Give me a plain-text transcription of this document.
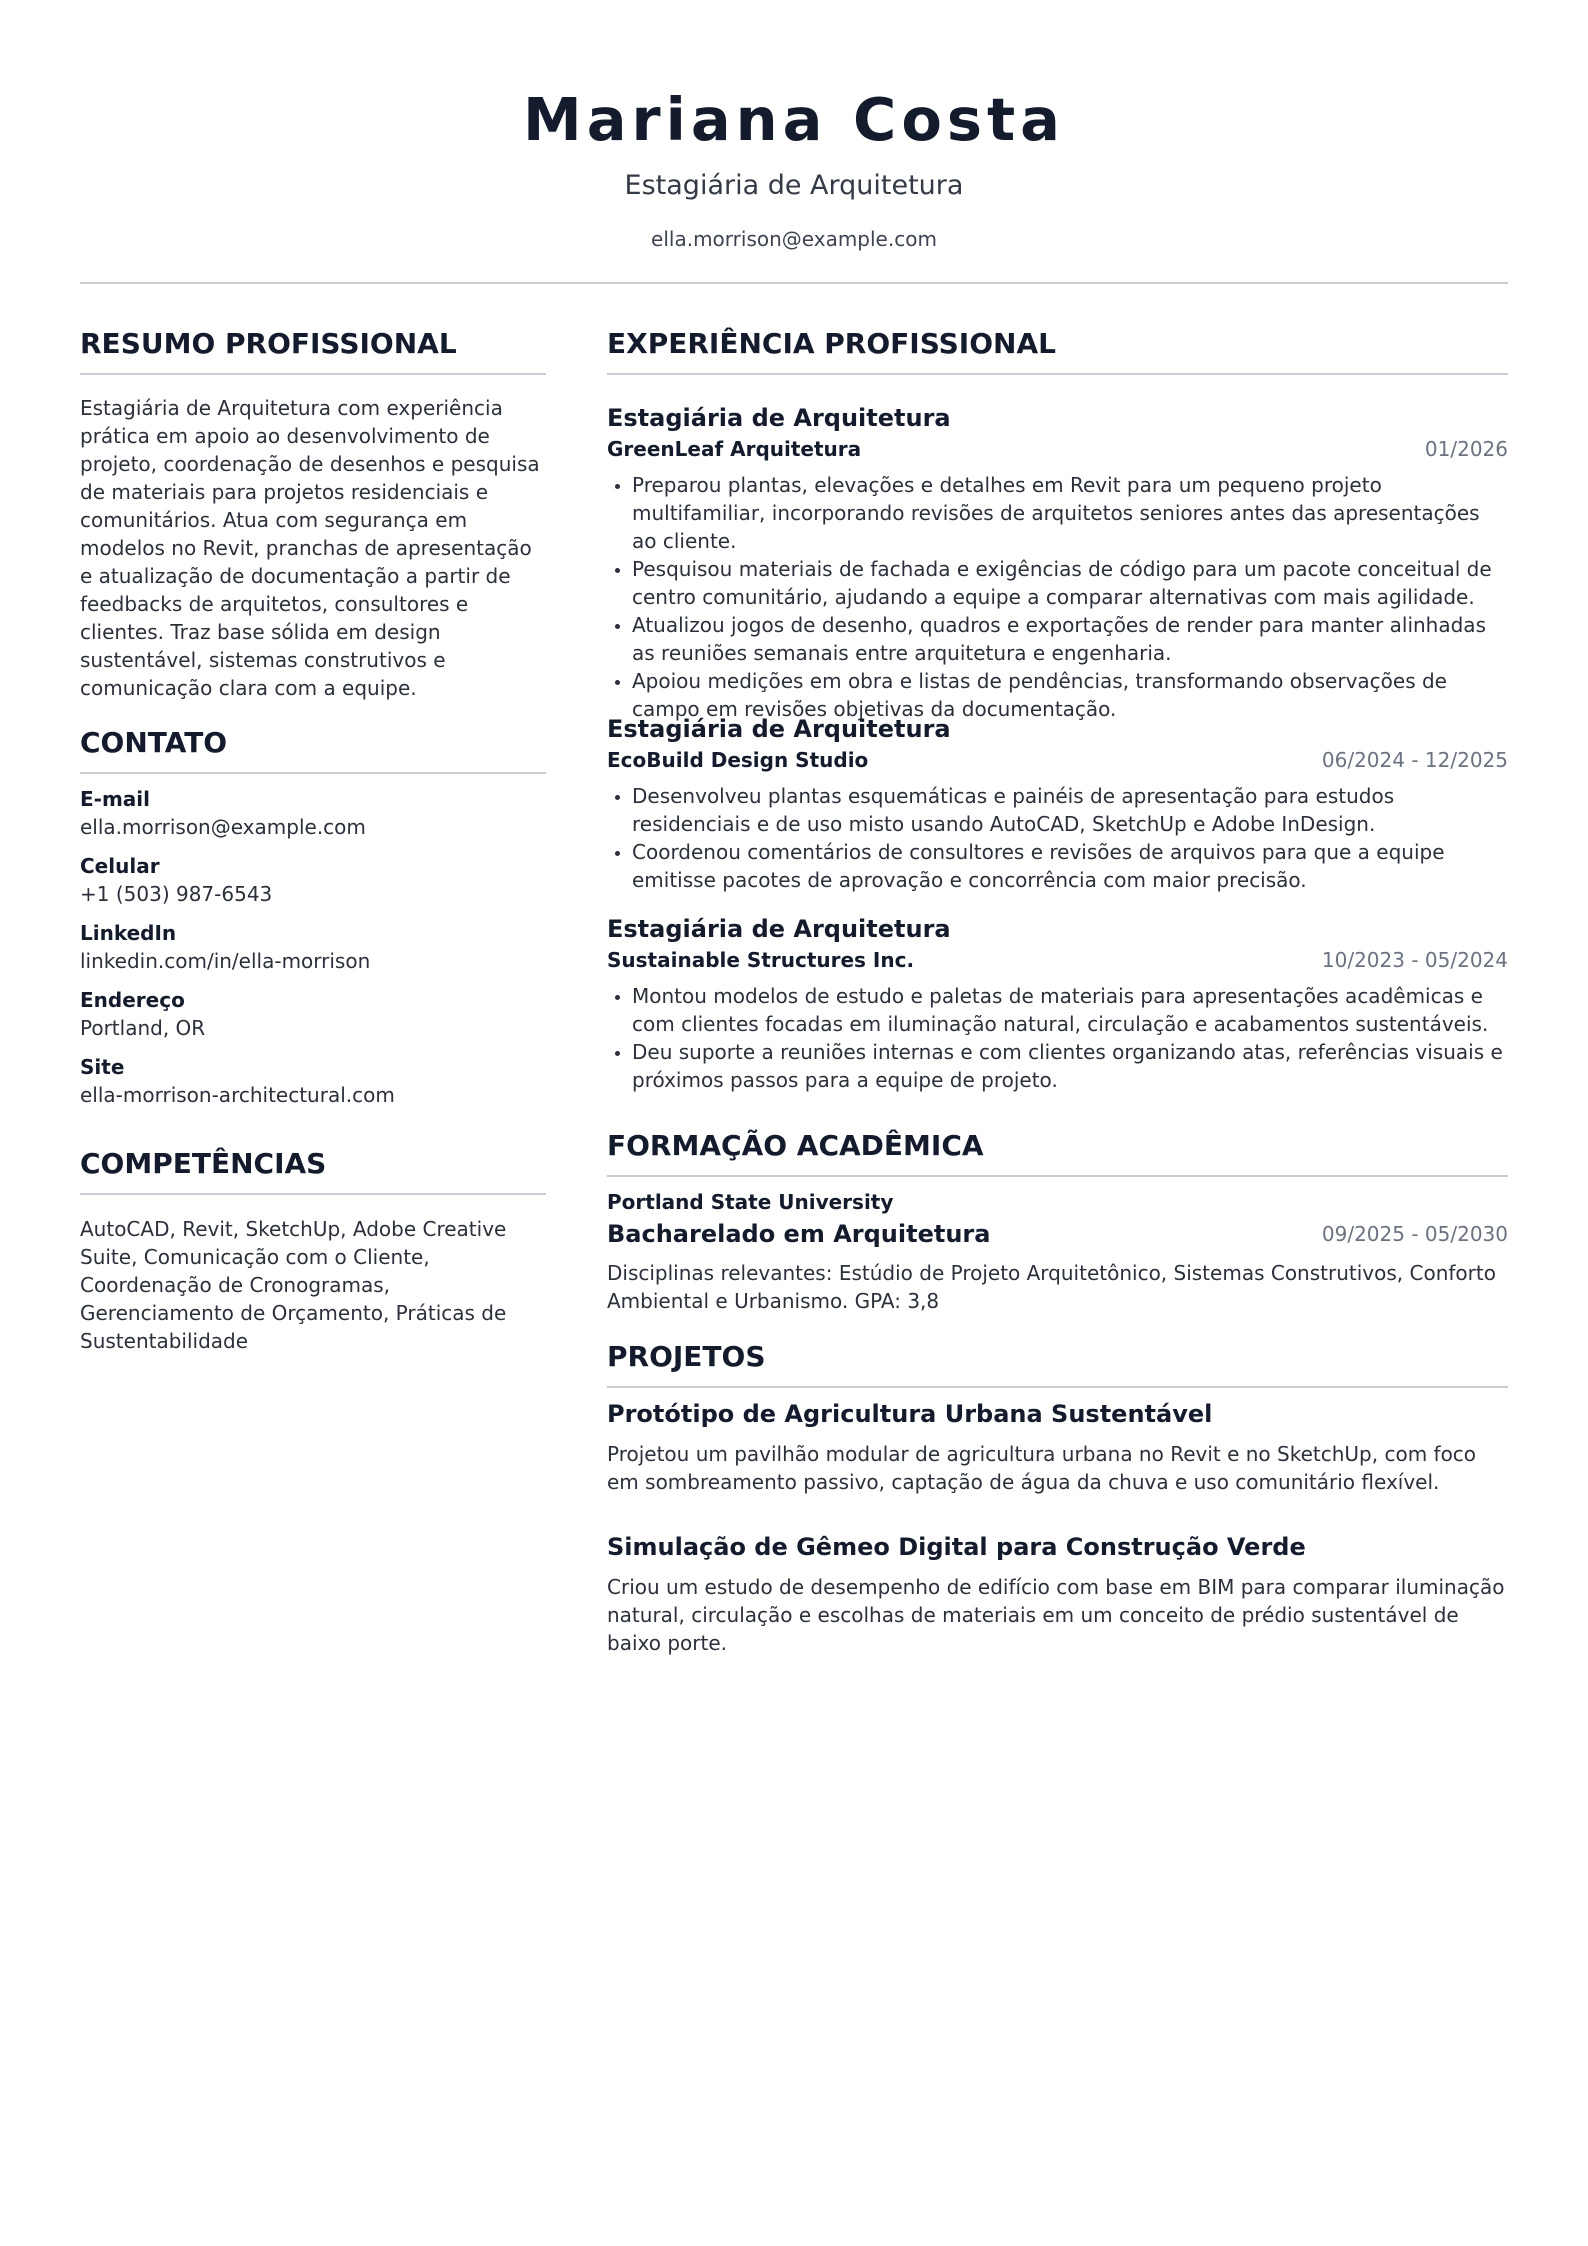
Mariana Costa
Estagiária de Arquitetura
ella.morrison@example.com
RESUMO PROFISSIONAL
Estagiária de Arquitetura com experiência prática em apoio ao desenvolvimento de projeto, coordenação de desenhos e pesquisa de materiais para projetos residenciais e comunitários. Atua com segurança em modelos no Revit, pranchas de apresentação e atualização de documentação a partir de feedbacks de arquitetos, consultores e clientes. Traz base sólida em design sustentável, sistemas construtivos e comunicação clara com a equipe.
CONTATO
E-mail
ella.morrison@example.com
Celular
+1 (503) 987-6543
LinkedIn
linkedin.com/in/ella-morrison
Endereço
Portland, OR
Site
ella-morrison-architectural.com
COMPETÊNCIAS
AutoCAD, Revit, SketchUp, Adobe Creative Suite, Comunicação com o Cliente, Coordenação de Cronogramas, Gerenciamento de Orçamento, Práticas de Sustentabilidade
EXPERIÊNCIA PROFISSIONAL
Estagiária de Arquitetura
GreenLeaf Arquitetura	01/2026
Preparou plantas, elevações e detalhes em Revit para um pequeno projeto multifamiliar, incorporando revisões de arquitetos seniores antes das apresentações ao cliente.
Pesquisou materiais de fachada e exigências de código para um pacote conceitual de centro comunitário, ajudando a equipe a comparar alternativas com mais agilidade.
Atualizou jogos de desenho, quadros e exportações de render para manter alinhadas as reuniões semanais entre arquitetura e engenharia.
Apoiou medições em obra e listas de pendências, transformando observações de campo em revisões objetivas da documentação.
Estagiária de Arquitetura
EcoBuild Design Studio	06/2024 - 12/2025
Desenvolveu plantas esquemáticas e painéis de apresentação para estudos residenciais e de uso misto usando AutoCAD, SketchUp e Adobe InDesign.
Coordenou comentários de consultores e revisões de arquivos para que a equipe emitisse pacotes de aprovação e concorrência com maior precisão.
Estagiária de Arquitetura
Sustainable Structures Inc.	10/2023 - 05/2024
Montou modelos de estudo e paletas de materiais para apresentações acadêmicas e com clientes focadas em iluminação natural, circulação e acabamentos sustentáveis.
Deu suporte a reuniões internas e com clientes organizando atas, referências visuais e próximos passos para a equipe de projeto.
FORMAÇÃO ACADÊMICA
Portland State University
Bacharelado em Arquitetura	09/2025 - 05/2030
Disciplinas relevantes: Estúdio de Projeto Arquitetônico, Sistemas Construtivos, Conforto Ambiental e Urbanismo. GPA: 3,8
PROJETOS
Protótipo de Agricultura Urbana Sustentável
Projetou um pavilhão modular de agricultura urbana no Revit e no SketchUp, com foco em sombreamento passivo, captação de água da chuva e uso comunitário flexível.
Simulação de Gêmeo Digital para Construção Verde
Criou um estudo de desempenho de edifício com base em BIM para comparar iluminação natural, circulação e escolhas de materiais em um conceito de prédio sustentável de baixo porte.
